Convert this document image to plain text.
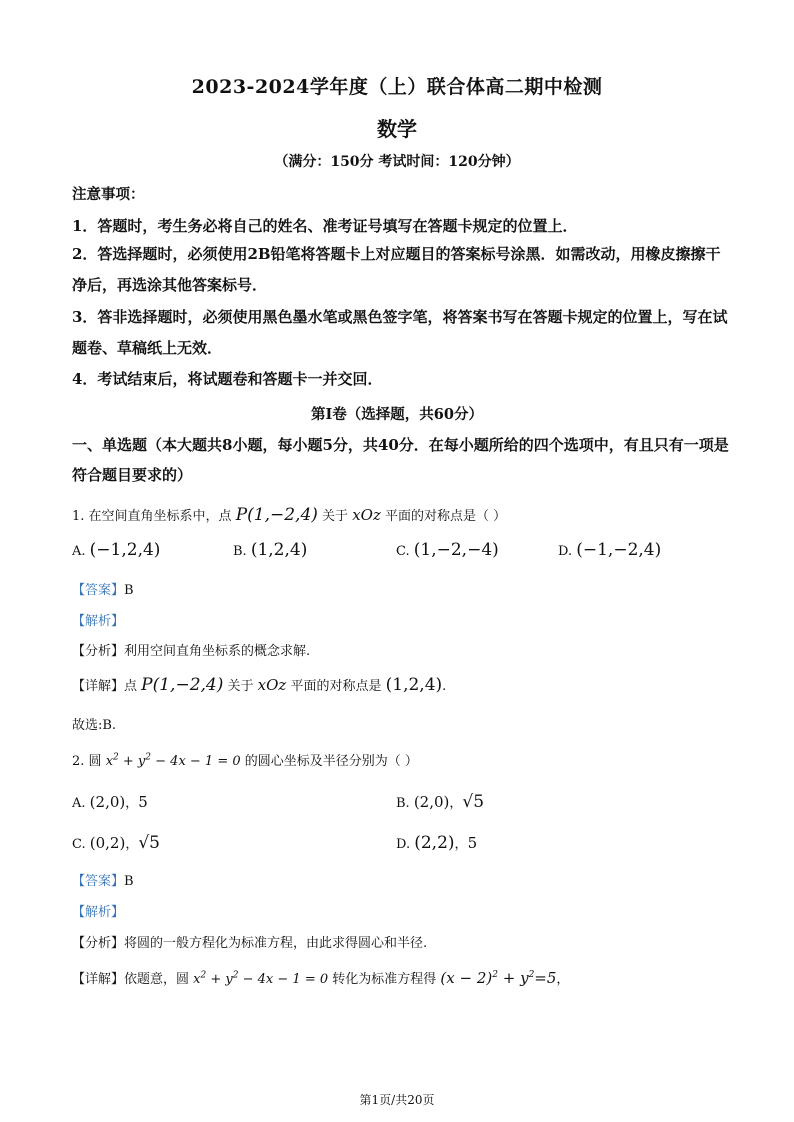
2023-2024学年度（上）联合体高二期中检测
数学
（满分：150分 考试时间：120分钟）
注意事项：
1．答题时，考生务必将自己的姓名、准考证号填写在答题卡规定的位置上．
2．答选择题时，必须使用2B铅笔将答题卡上对应题目的答案标号涂黑．如需改动，用橡皮擦擦干净后，再选涂其他答案标号．
3．答非选择题时，必须使用黑色墨水笔或黑色签字笔，将答案书写在答题卡规定的位置上，写在试题卷、草稿纸上无效．
4．考试结束后，将试题卷和答题卡一并交回．
第Ⅰ卷（选择题，共60分）
一、单选题（本大题共8小题，每小题5分，共40分．在每小题所给的四个选项中，有且只有一项是符合题目要求的）
1. 在空间直角坐标系中，点 P(1,−2,4) 关于 xOz 平面的对称点是（ ）
A. (−1,2,4)	B. (1,2,4)	C. (1,−2,−4)	D. (−1,−2,4)
【答案】B
【解析】
【分析】利用空间直角坐标系的概念求解.
【详解】点 P(1,−2,4) 关于 xOz 平面的对称点是 (1,2,4).
故选:B.
2. 圆 $x^2 + y^2 - 4x - 1 = 0$ 的圆心坐标及半径分别为（ ）
A. (2,0)，5	B. (2,0)，√5
C. (0,2)，√5	D. (2,2)，5
【答案】B
【解析】
【分析】将圆的一般方程化为标准方程，由此求得圆心和半径.
【详解】依题意，圆 $x^2 + y^2 - 4x - 1 = 0$ 转化为标准方程得 $(x - 2)^2 + y^2=5$，
第1页/共20页
